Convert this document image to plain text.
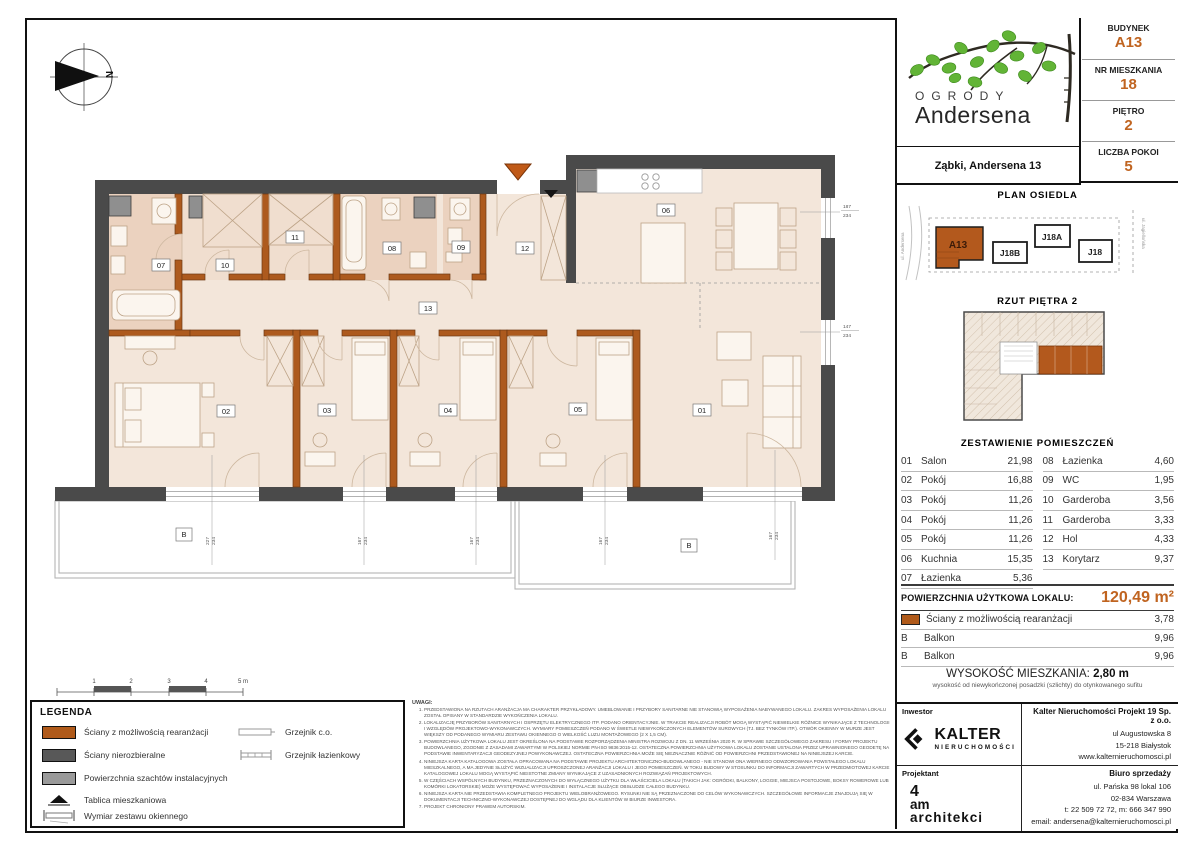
B
B
227 234	167 234	167 234	167 234
167 234
187
234
147
234
01
02	03	04	05
06
07
08	09
10
11
12
13
N
1	2	3	4	5 m
OGRODY
Andersena
Ząbki, Andersena 13
BUDYNEK
A13
NR MIESZKANIA
18
PIĘTRO
2
LICZBA POKOI
5
PLAN OSIEDLA
A13
J18B
J18A
J18
ul. Andersena	ul. Jagiellońska
RZUT PIĘTRA 2
ZESTAWIENIE POMIESZCZEŃ
01 Salon	21,98
02 Pokój	16,88
03 Pokój	11,26
04 Pokój	11,26
05 Pokój	11,26
06 Kuchnia	15,35
07 Łazienka	5,36
08 Łazienka	4,60
09 WC	1,95
10 Garderoba	3,56
11 Garderoba	3,33
12 Hol	4,33
13 Korytarz	9,37
POWIERZCHNIA UŻYTKOWA LOKALU: 120,49 m²
Ściany z możliwością rearanżacji	3,78
B	Balkon	9,96
B	Balkon	9,96
WYSOKOŚĆ MIESZKANIA: 2,80 m
wysokość od niewykończonej posadzki (szlichty) do otynkowanego sufitu
Inwestor
KALTER
NIERUCHOMOŚCI
Kalter Nieruchomości Projekt 19 Sp. z o.o.
ul Augustowska 8
15-218 Białystok
www.kalternieruchomosci.pl
Projektant
4
am
architekci
Biuro sprzedaży
ul. Pańska 98 lokal 106
02-834 Warszawa
t: 22 509 72 72, m: 666 347 990
email: andersena@kalternieruchomosci.pl
LEGENDA
Ściany z możliwością rearanżacji
Ściany nierozbieralne
Powierzchnia szachtów instalacyjnych
Tablica mieszkaniowa
Wymiar zestawu okiennego
Grzejnik c.o.
Grzejnik łazienkowy
UWAGI:
1. PRZEDSTAWIONA NA RZUTACH ARANŻACJA MA CHARAKTER PRZYKŁADOWY. UMEBLOWANIE I PRZYBORY SANITARNE NIE STANOWIĄ WYPOSAŻENIA NABYWANEGO LOKALU. ZAKRES WYPOSAŻENIA LOKALU ZOSTAŁ OPISANY W STANDARDZIE WYKOŃCZENIA LOKALU.
2. LOKALIZACJĘ PRZYBORÓW SANITARNYCH I OSPRZĘTU ELEKTRYCZNEGO ITP. PODANO ORIENTACYJNIE. W TRAKCIE REALIZACJI ROBÓT MOGĄ WYSTĄPIĆ NIEWIELKIE RÓŻNICE WYNIKAJĄCE Z TECHNOLOGII I WZGLĘDÓW PROJEKTOWO-WYKONAWCZYCH. WYMIARY POMIESZCZEŃ PODANO W ŚWIETLE NIEWYKOŃCZONYCH ELEMENTÓW SUROWYCH (TJ. BEZ TYNKÓW ITP.). OTWÓR OKIENNY W MURZE JEST WIĘKSZY OD PODANEGO WYMIARU ZESTAWU OKIENNEGO O WIELKOŚĆ LUZU MONTAŻOWEGO (2 X 1,5 CM).
3. POWIERZCHNIA UŻYTKOWA LOKALU JEST OKREŚLONA NA PODSTAWIE ROZPORZĄDZENIA MINISTRA ROZWOJU Z DN. 11 WRZEŚNIA 2020 R. W SPRAWIE SZCZEGÓŁOWEGO ZAKRESU I FORMY PROJEKTU BUDOWLANEGO, ZGODNIE Z ZASADAMI ZAWARTYMI W POLSKIEJ NORMIE PN-ISO 9836:2015-12. OSTATECZNA POWIERZCHNIA UŻYTKOWA LOKALU ZOSTANIE USTALONA PRZEZ UPRAWNIONEGO GEODETĘ NA PODSTAWIE INWENTARYZACJI GEODEZYJNEJ POWYKONAWCZEJ. OSTATECZNA POWIERZCHNIA MOŻE SIĘ NIEZNACZNIE RÓŻNIĆ OD POWIERZCHNI PRZEDSTAWIONEJ NA NINIEJSZEJ KARCIE.
4. NINIEJSZA KARTA KATALOGOWA ZOSTAŁA OPRACOWANA NA PODSTAWIE PROJEKTU ARCHITEKTONICZNO-BUDOWLANEGO - NIE STANOWI ONA WIERNEGO ODWZOROWANIA POWSTAŁEGO LOKALU MIESZKALNEGO, A MA JEDYNIE SŁUŻYĆ WIZUALIZACJI UPROSZCZONEJ ARANŻACJI LOKALU I JEGO POMIESZCZEŃ. W TOKU BUDOWY W STOSUNKU DO INFORMACJI ZAWARTYCH W PRZEDMIOTOWEJ KARCIE KATALOGOWEJ LOKALU MOGĄ WYSTĄPIĆ NIEISTOTNE ZMIANY WYNIKAJĄCE Z UZASADNIONYCH ROZWIĄZAŃ PROJEKTOWYCH.
5. W CZĘŚCIACH WSPÓLNYCH BUDYNKU, PRZEZNACZONYCH DO WYŁĄCZNEGO UŻYTKU DLA WŁAŚCICIELA LOKALU (TAKICH JAK: OGRÓDKI, BALKONY, LOGGIE, MIEJSCA POSTOJOWE, BOKSY ROWEROWE LUB KOMÓRKI LOKATORSKIE) MOŻE WYSTĘPOWAĆ WYPOSAŻENIE I INSTALACJE SŁUŻĄCE OBSŁUDZE CAŁEGO BUDYNKU.
6. NINIEJSZA KARTA NIE PRZEDSTAWIA KOMPLETNEGO PROJEKTU WIELOBRANŻOWEGO. RYSUNKI NIE SĄ PRZEZNACZONE DO CELÓW WYKONAWCZYCH. SZCZEGÓŁOWE INFORMACJE ZNAJDUJĄ SIĘ W DOKUMENTACJI TECHNICZNO-WYKONAWCZEJ DOSTĘPNEJ DO WGLĄDU DLA KLIENTÓW W BIURZE INWESTORA.
7. PROJEKT CHRONIONY PRAWEM AUTORSKIM.
